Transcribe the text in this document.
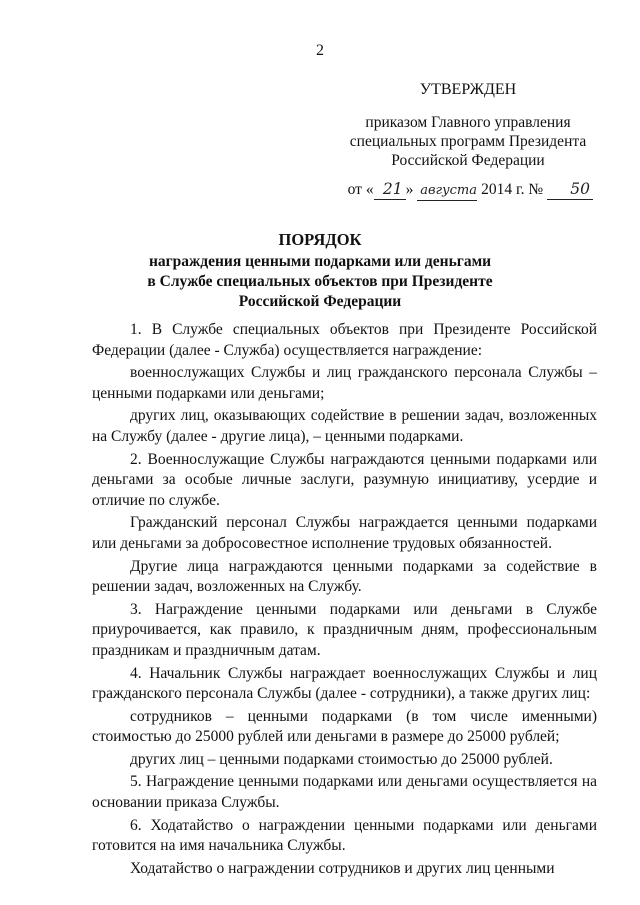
2
УТВЕРЖДЕН
приказом Главного управления
специальных программ Президента
Российской Федерации
от « 21 » августа 2014 г. № 50
ПОРЯДОК
награждения ценными подарками или деньгами
в Службе специальных объектов при Президенте
Российской Федерации

1. В Службе специальных объектов при Президенте Российской Федерации (далее - Служба) осуществляется награждение:

военнослужащих Службы и лиц гражданского персонала Службы – ценными подарками или деньгами;

других лиц, оказывающих содействие в решении задач, возложенных на Службу (далее - другие лица), – ценными подарками.

2. Военнослужащие Службы награждаются ценными подарками или деньгами за особые личные заслуги, разумную инициативу, усердие и отличие по службе.

Гражданский персонал Службы награждается ценными подарками или деньгами за добросовестное исполнение трудовых обязанностей.

Другие лица награждаются ценными подарками за содействие в решении задач, возложенных на Службу.

3. Награждение ценными подарками или деньгами в Службе приурочивается, как правило, к праздничным дням, профессиональным праздникам и праздничным датам.

4. Начальник Службы награждает военнослужащих Службы и лиц гражданского персонала Службы (далее - сотрудники), а также других лиц:

сотрудников – ценными подарками (в том числе именными) стоимостью до 25000 рублей или деньгами в размере до 25000 рублей;

других лиц – ценными подарками стоимостью до 25000 рублей.

5. Награждение ценными подарками или деньгами осуществляется на основании приказа Службы.

6. Ходатайство о награждении ценными подарками или деньгами готовится на имя начальника Службы.

Ходатайство о награждении сотрудников и других лиц ценными
